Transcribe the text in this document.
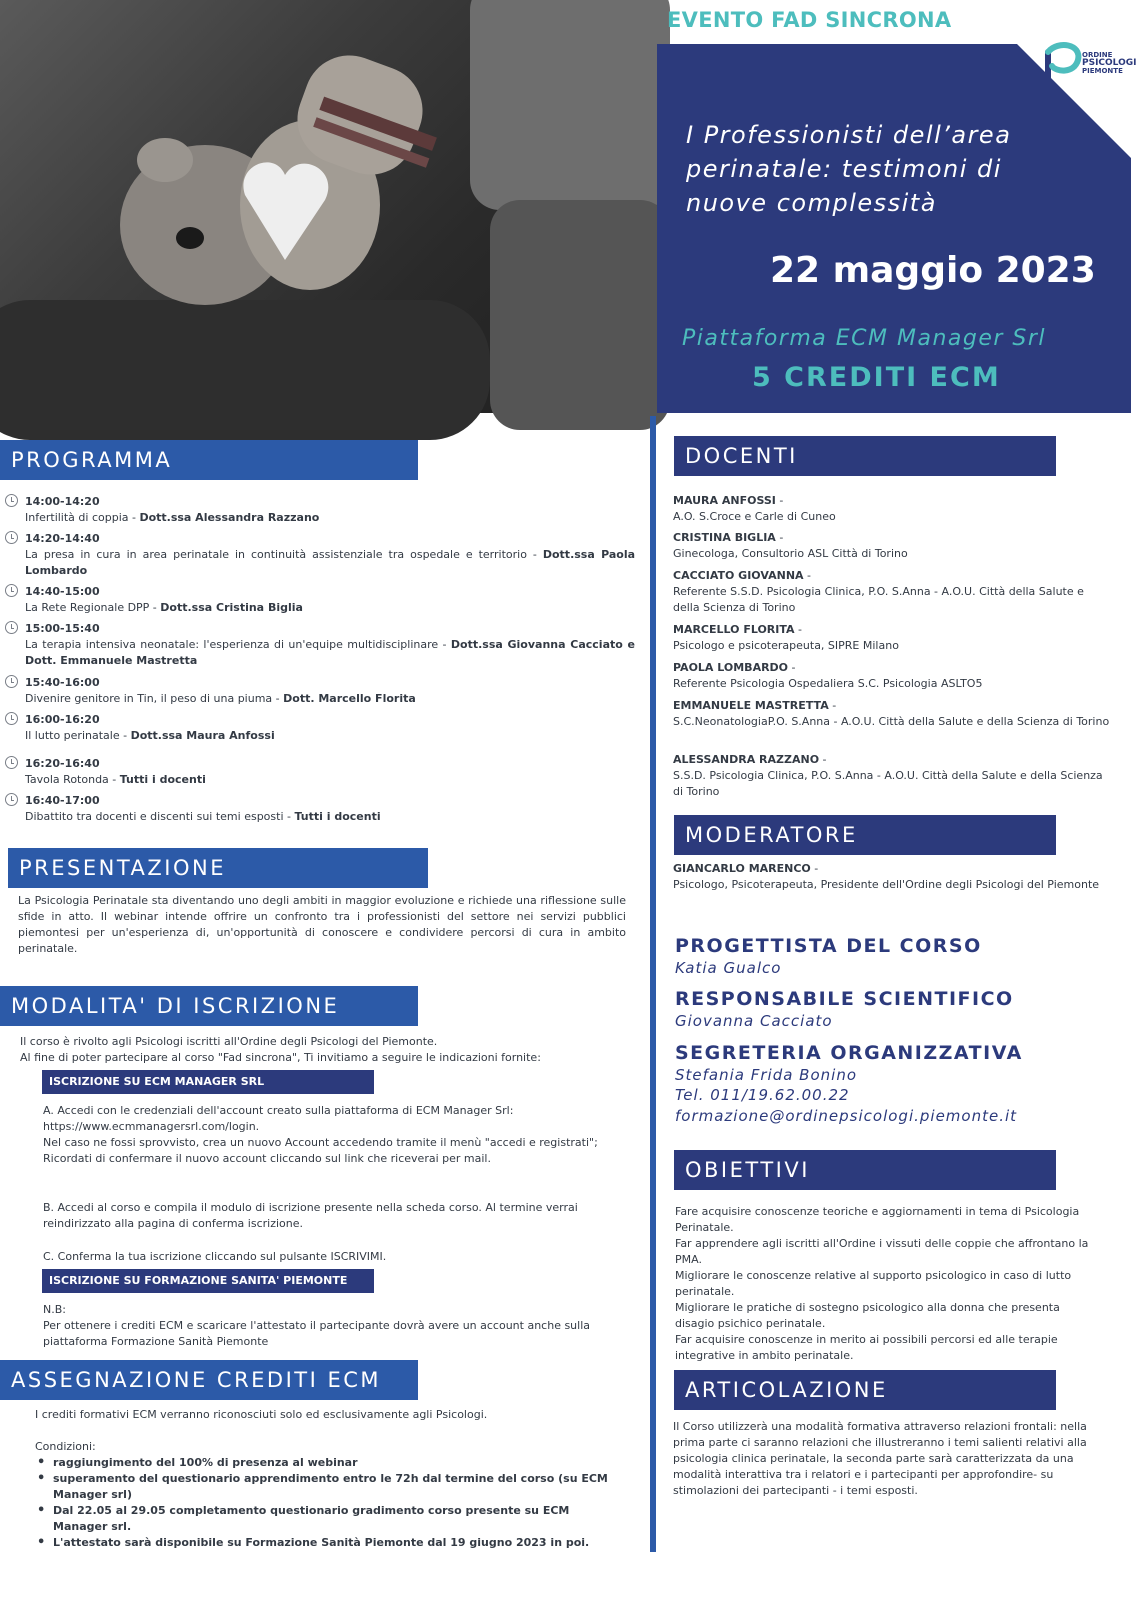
EVENTO FAD SINCRONA
ORDINE
PSICOLOGI
PIEMONTE
I Professionisti dell’area perinatale: testimoni di nuove complessità
22 maggio 2023
Piattaforma ECM Manager Srl
5 CREDITI ECM
PROGRAMMA
14:00-14:20
Infertilità di coppia - Dott.ssa Alessandra Razzano
14:20-14:40
La presa in cura in area perinatale in continuità assistenziale tra ospedale e territorio - Dott.ssa Paola Lombardo
14:40-15:00
La Rete Regionale DPP - Dott.ssa Cristina Biglia
15:00-15:40
La terapia intensiva neonatale: l'esperienza di un'equipe multidisciplinare - Dott.ssa Giovanna Cacciato e Dott. Emmanuele Mastretta
15:40-16:00
Divenire genitore in Tin, il peso di una piuma - Dott. Marcello Florita
16:00-16:20
Il lutto perinatale - Dott.ssa Maura Anfossi
16:20-16:40
Tavola Rotonda - Tutti i docenti
16:40-17:00
Dibattito tra docenti e discenti sui temi esposti - Tutti i docenti
PRESENTAZIONE
La Psicologia Perinatale sta diventando uno degli ambiti in maggior evoluzione e richiede una riflessione sulle sfide in atto. Il webinar intende offrire un confronto tra i professionisti del settore nei servizi pubblici piemontesi per un'esperienza di, un'opportunità di conoscere e condividere percorsi di cura in ambito perinatale.
MODALITA' DI ISCRIZIONE
Il corso è rivolto agli Psicologi iscritti all'Ordine degli Psicologi del Piemonte.
Al fine di poter partecipare al corso "Fad sincrona", Ti invitiamo a seguire le indicazioni fornite:
ISCRIZIONE SU ECM MANAGER SRL
A. Accedi con le credenziali dell'account creato sulla piattaforma di ECM Manager Srl:
https://www.ecmmanagersrl.com/login.
Nel caso ne fossi sprovvisto, crea un nuovo Account accedendo tramite il menù "accedi e registrati";
Ricordati di confermare il nuovo account cliccando sul link che riceverai per mail.
B. Accedi al corso e compila il modulo di iscrizione presente nella scheda corso. Al termine verrai reindirizzato alla pagina di conferma iscrizione.
C. Conferma la tua iscrizione cliccando sul pulsante ISCRIVIMI.
ISCRIZIONE SU FORMAZIONE SANITA' PIEMONTE
N.B:
Per ottenere i crediti ECM e scaricare l'attestato il partecipante dovrà avere un account anche sulla piattaforma Formazione Sanità Piemonte
ASSEGNAZIONE CREDITI ECM
I crediti formativi ECM verranno riconosciuti solo ed esclusivamente agli Psicologi.
Condizioni:
• raggiungimento del 100% di presenza al webinar
• superamento del questionario apprendimento entro le 72h dal termine del corso (su ECM Manager srl)
• Dal 22.05 al 29.05 completamento questionario gradimento corso presente su ECM Manager srl.
• L'attestato sarà disponibile su Formazione Sanità Piemonte dal 19 giugno 2023 in poi.
DOCENTI
MAURA ANFOSSI -
A.O. S.Croce e Carle di Cuneo
CRISTINA BIGLIA -
Ginecologa, Consultorio ASL Città di Torino
CACCIATO GIOVANNA -
Referente S.S.D. Psicologia Clinica, P.O. S.Anna - A.O.U. Città della Salute e della Scienza di Torino
MARCELLO FLORITA -
Psicologo e psicoterapeuta, SIPRE Milano
PAOLA LOMBARDO -
Referente Psicologia Ospedaliera S.C. Psicologia ASLTO5
EMMANUELE MASTRETTA -
S.C.NeonatologiaP.O. S.Anna - A.O.U. Città della Salute e della Scienza di Torino
ALESSANDRA RAZZANO -
S.S.D. Psicologia Clinica, P.O. S.Anna - A.O.U. Città della Salute e della Scienza di Torino
MODERATORE
GIANCARLO MARENCO -
Psicologo, Psicoterapeuta, Presidente dell'Ordine degli Psicologi del Piemonte
PROGETTISTA DEL CORSO
Katia Gualco
RESPONSABILE SCIENTIFICO
Giovanna Cacciato
SEGRETERIA ORGANIZZATIVA
Stefania Frida Bonino
Tel. 011/19.62.00.22
formazione@ordinepsicologi.piemonte.it
OBIETTIVI
Fare acquisire conoscenze teoriche e aggiornamenti in tema di Psicologia Perinatale.
Far apprendere agli iscritti all'Ordine i vissuti delle coppie che affrontano la PMA.
Migliorare le conoscenze relative al supporto psicologico in caso di lutto perinatale.
Migliorare le pratiche di sostegno psicologico alla donna che presenta disagio psichico perinatale.
Far acquisire conoscenze in merito ai possibili percorsi ed alle terapie integrative in ambito perinatale.
ARTICOLAZIONE
Il Corso utilizzerà una modalità formativa attraverso relazioni frontali: nella prima parte ci saranno relazioni che illustreranno i temi salienti relativi alla psicologia clinica perinatale, la seconda parte sarà caratterizzata da una modalità interattiva tra i relatori e i partecipanti per approfondire- su stimolazioni dei partecipanti - i temi esposti.
